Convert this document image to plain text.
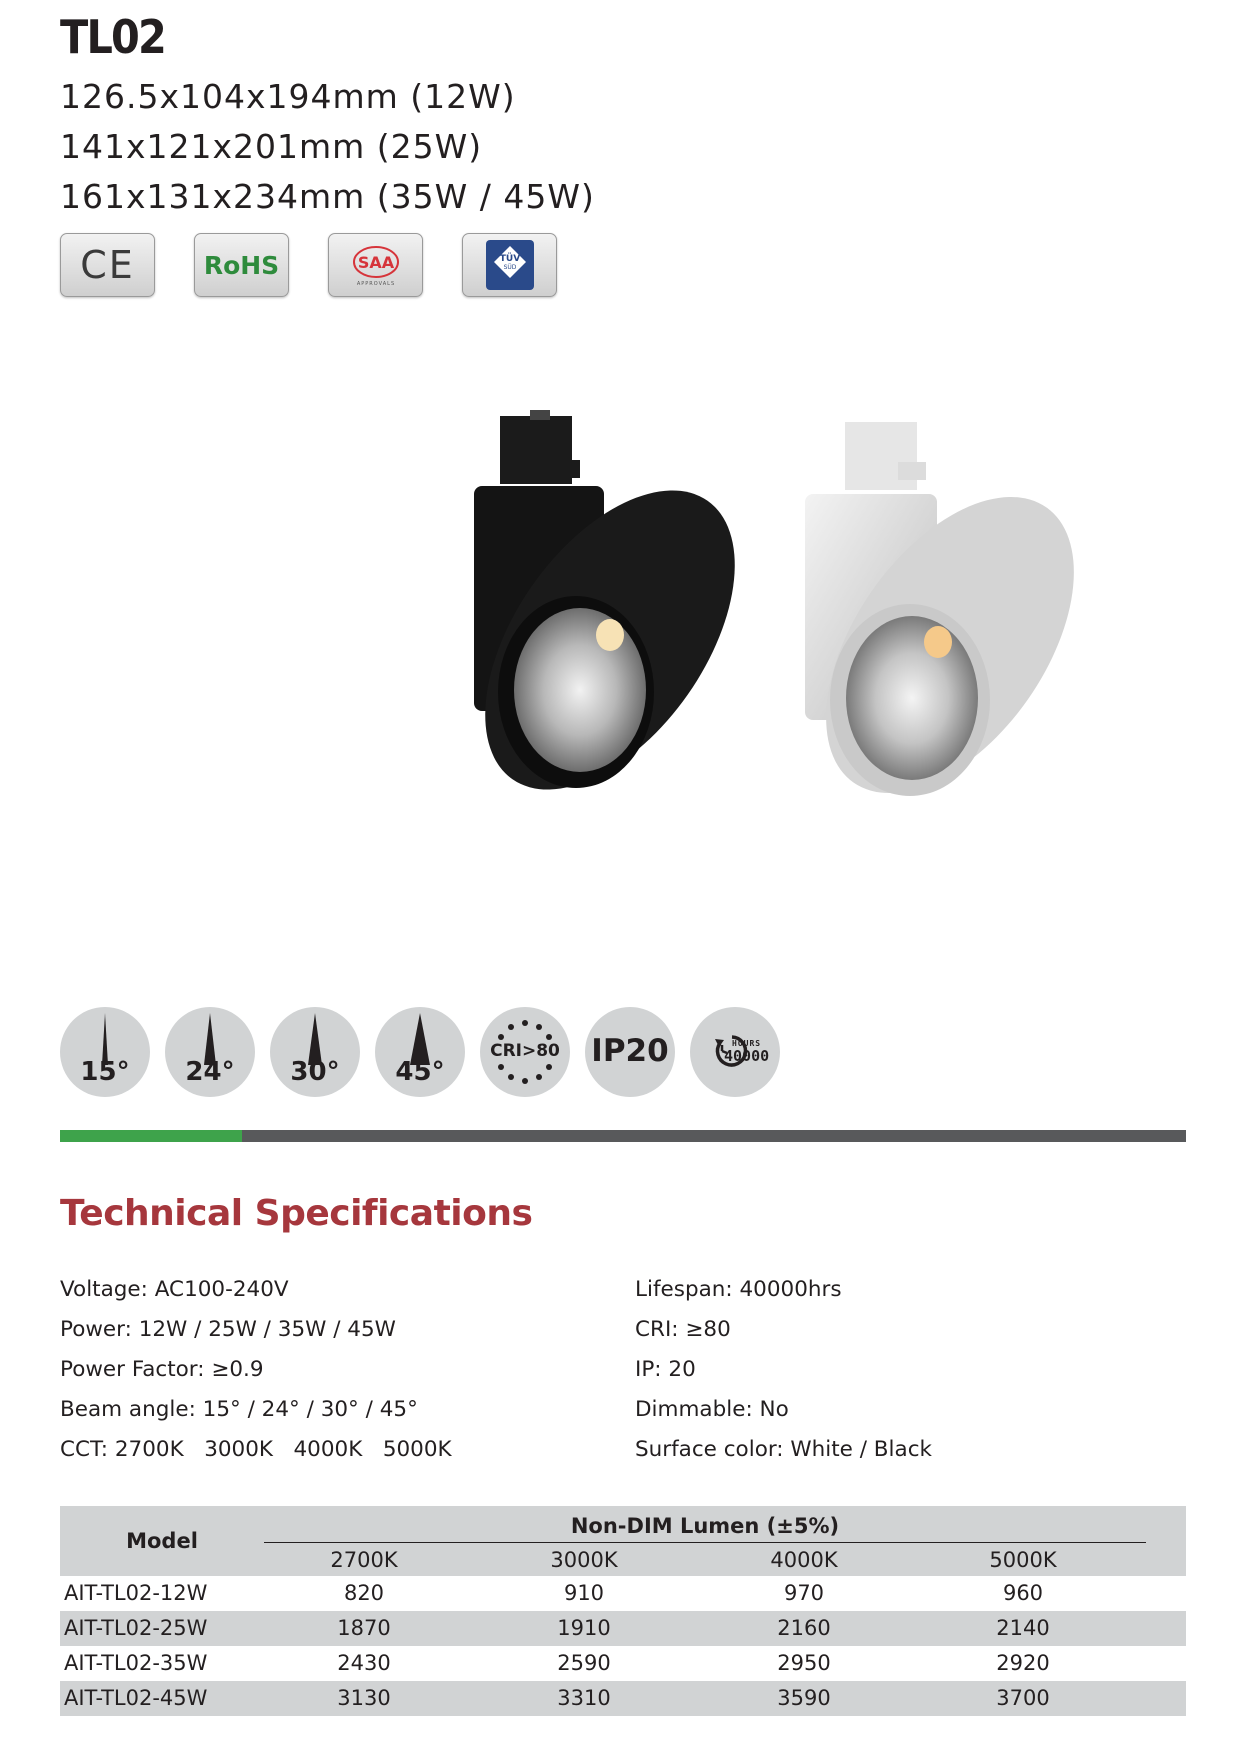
TL02
126.5x104x194mm (12W)
141x121x201mm (25W)
161x131x234mm (35W / 45W)
CE	RoHS	SAA
APPROVALS
TÜV
SÜD
15°	24°	30°	45°
CRI>80	IP20	HOURS
40000
Technical Specifications
Voltage: AC100-240V
Power: 12W / 25W / 35W / 45W
Power Factor: ≥0.9
Beam angle: 15° / 24° / 30° / 45°
CCT: 2700K   3000K   4000K   5000K
Lifespan: 40000hrs
CRI: ≥80
IP: 20
Dimmable: No
Surface color: White / Black
Model
Non-DIM Lumen (±5%)
2700K	3000K	4000K	5000K
AIT-TL02-12W	820	910	970	960
AIT-TL02-25W	1870	1910	2160	2140
AIT-TL02-35W	2430	2590	2950	2920
AIT-TL02-45W	3130	3310	3590	3700
